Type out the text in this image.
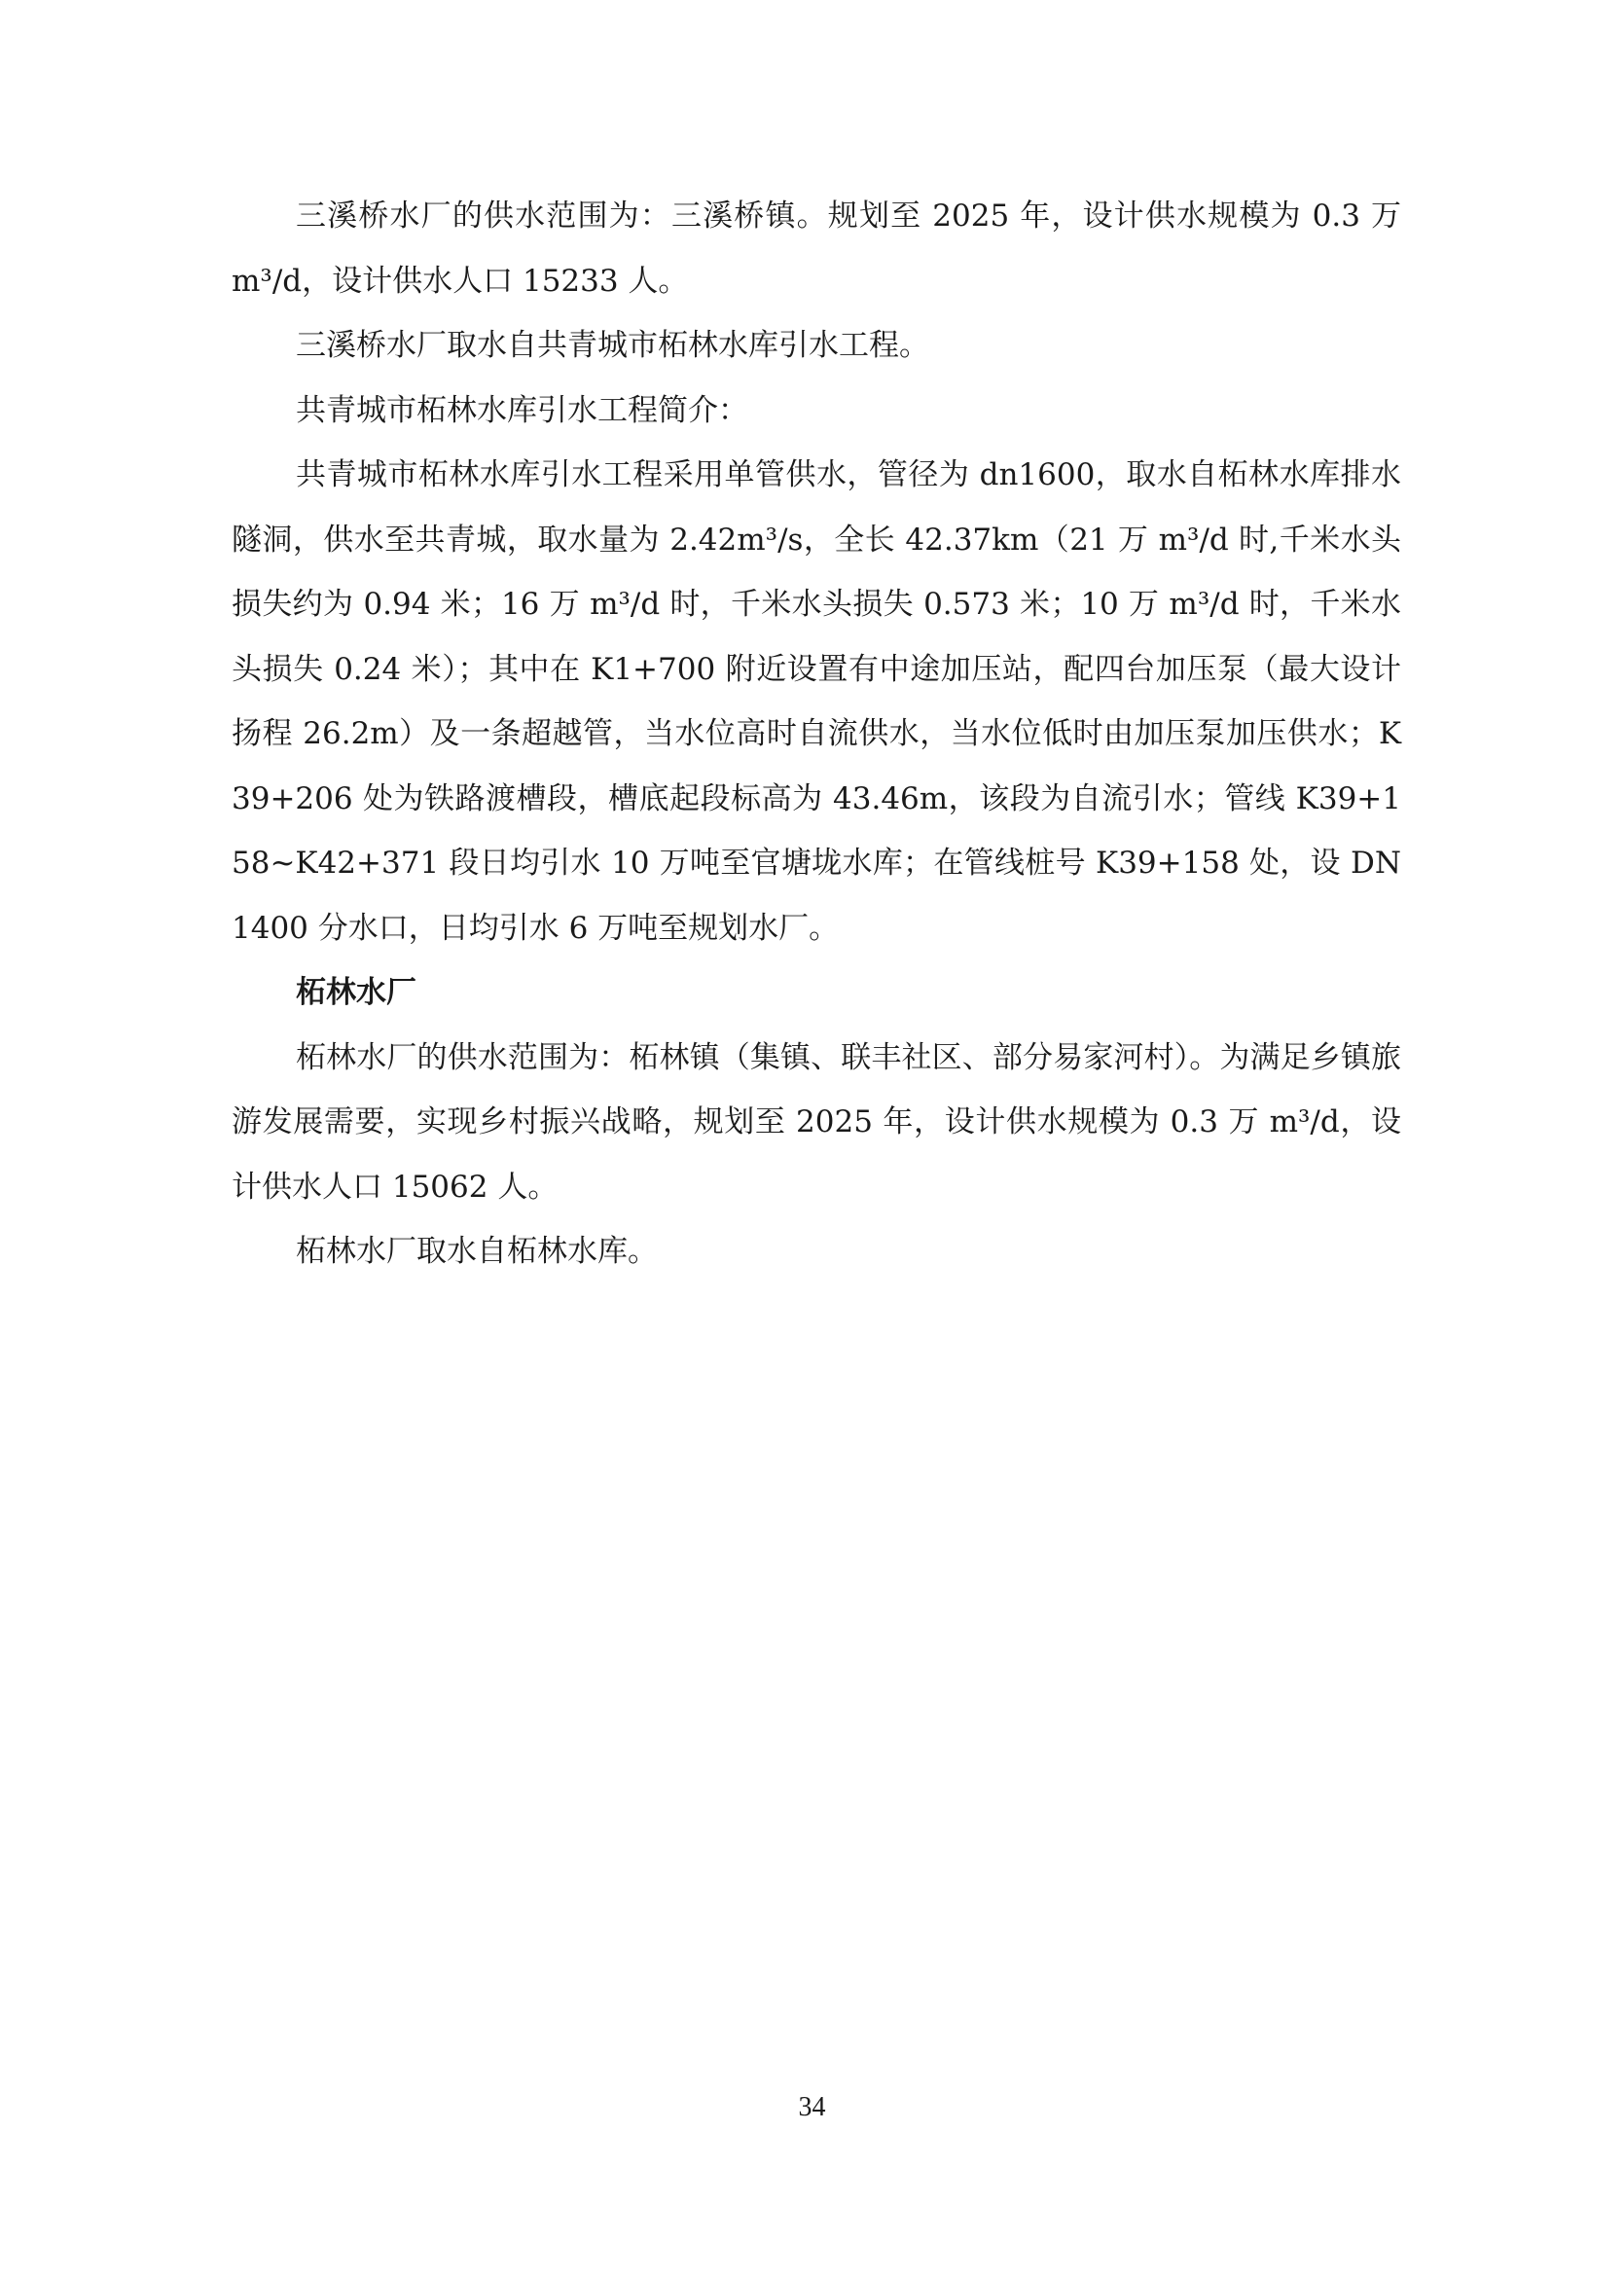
三溪桥水厂的供水范围为：三溪桥镇。规划至 2025 年，设计供水规模为 0.3 万 m³/d，设计供水人口 15233 人。

三溪桥水厂取水自共青城市柘林水库引水工程。

共青城市柘林水库引水工程简介：

共青城市柘林水库引水工程采用单管供水，管径为 dn1600，取水自柘林水库排水隧洞，供水至共青城，取水量为 2.42m³/s，全长 42.37km（21 万 m³/d 时,千米水头损失约为 0.94 米；16 万 m³/d 时，千米水头损失 0.573 米；10 万 m³/d 时，千米水头损失 0.24 米）；其中在 K1+700 附近设置有中途加压站，配四台加压泵（最大设计扬程 26.2m）及一条超越管，当水位高时自流供水，当水位低时由加压泵加压供水；K39+206 处为铁路渡槽段，槽底起段标高为 43.46m，该段为自流引水；管线 K39+158~K42+371 段日均引水 10 万吨至官塘垅水库；在管线桩号 K39+158 处，设 DN1400 分水口，日均引水 6 万吨至规划水厂。

柘林水厂

柘林水厂的供水范围为：柘林镇（集镇、联丰社区、部分易家河村）。为满足乡镇旅游发展需要，实现乡村振兴战略，规划至 2025 年，设计供水规模为 0.3 万 m³/d，设计供水人口 15062 人。

柘林水厂取水自柘林水库。

34
